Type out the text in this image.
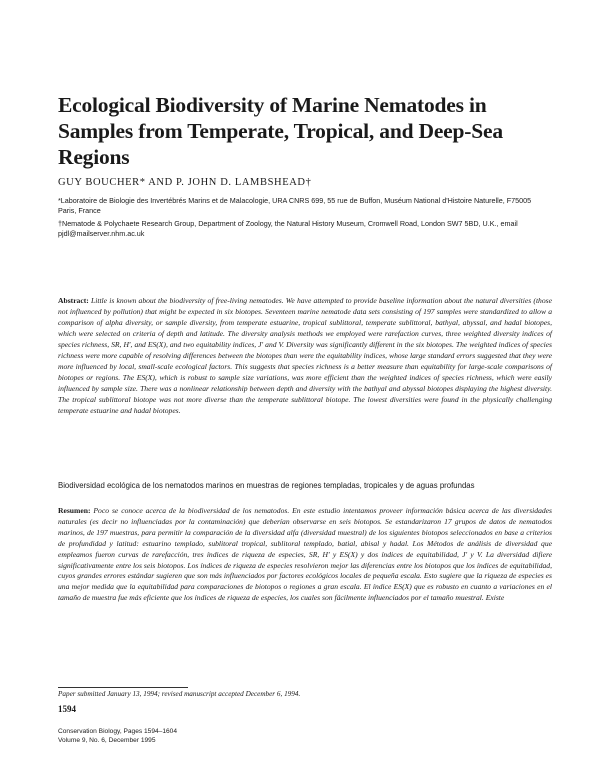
Ecological Biodiversity of Marine Nematodes in Samples from Temperate, Tropical, and Deep-Sea Regions
GUY BOUCHER* AND P. JOHN D. LAMBSHEAD†
*Laboratoire de Biologie des Invertébrés Marins et de Malacologie, URA CNRS 699, 55 rue de Buffon, Muséum National d'Histoire Naturelle, F75005 Paris, France
†Nematode & Polychaete Research Group, Department of Zoology, the Natural History Museum, Cromwell Road, London SW7 5BD, U.K., email pjdl@mailserver.nhm.ac.uk

Abstract: Little is known about the biodiversity of free-living nematodes. We have attempted to provide baseline information about the natural diversities (those not influenced by pollution) that might be expected in six biotopes. Seventeen marine nematode data sets consisting of 197 samples were standardized to allow a comparison of alpha diversity, or sample diversity, from temperate estuarine, tropical sublittoral, temperate sublittoral, bathyal, abyssal, and hadal biotopes, which were selected on criteria of depth and latitude. The diversity analysis methods we employed were rarefaction curves, three weighted diversity indices of species richness, SR, H', and ES(X), and two equitability indices, J' and V. Diversity was significantly different in the six biotopes. The weighted indices of species richness were more capable of resolving differences between the biotopes than were the equitability indices, whose large standard errors suggested that they were more influenced by local, small-scale ecological factors. This suggests that species richness is a better measure than equitability for large-scale comparisons of biotopes or regions. The ES(X), which is robust to sample size variations, was more efficient than the weighted indices of species richness, which were easily influenced by sample size. There was a nonlinear relationship between depth and diversity with the bathyal and abyssal biotopes displaying the highest diversity. The tropical sublittoral biotope was not more diverse than the temperate sublittoral biotope. The lowest diversities were found in the physically challenging temperate estuarine and hadal biotopes.

Biodiversidad ecológica de los nematodos marinos en muestras de regiones templadas, tropicales y de aguas profundas

Resumen: Poco se conoce acerca de la biodiversidad de los nematodos. En este estudio intentamos proveer información básica acerca de las diversidades naturales (es decir no influenciadas por la contaminación) que deberían observarse en seis biotopos. Se estandarizaron 17 grupos de datos de nematodos marinos, de 197 muestras, para permitir la comparación de la diversidad alfa (diversidad muestral) de los siguientes biotopos seleccionados en base a criterios de profundidad y latitud: estuarino templado, sublitoral tropical, sublitoral templado, batial, abisal y hadal. Los Métodos de análisis de diversidad que empleamos fueron curvas de rarefacción, tres índices de riqueza de especies, SR, H' y ES(X) y dos índices de equitabilidad, J' y V. La diversidad difiere significativamente entre los seis biotopos. Los índices de riqueza de especies resolvieron mejor las diferencias entre los biotopos que los índices de equitabilidad, cuyos grandes errores estándar sugieren que son más influenciados por factores ecológicos locales de pequeña escala. Esto sugiere que la riqueza de especies es una mejor medida que la equitabilidad para comparaciones de biotopos o regiones a gran escala. El índice ES(X) que es robusto en cuanto a variaciones en el tamaño de muestra fue más eficiente que los índices de riqueza de especies, los cuales son fácilmente influenciados por el tamaño muestral. Existe

Paper submitted January 13, 1994; revised manuscript accepted December 6, 1994.
1594
Conservation Biology, Pages 1594–1604
Volume 9, No. 6, December 1995
